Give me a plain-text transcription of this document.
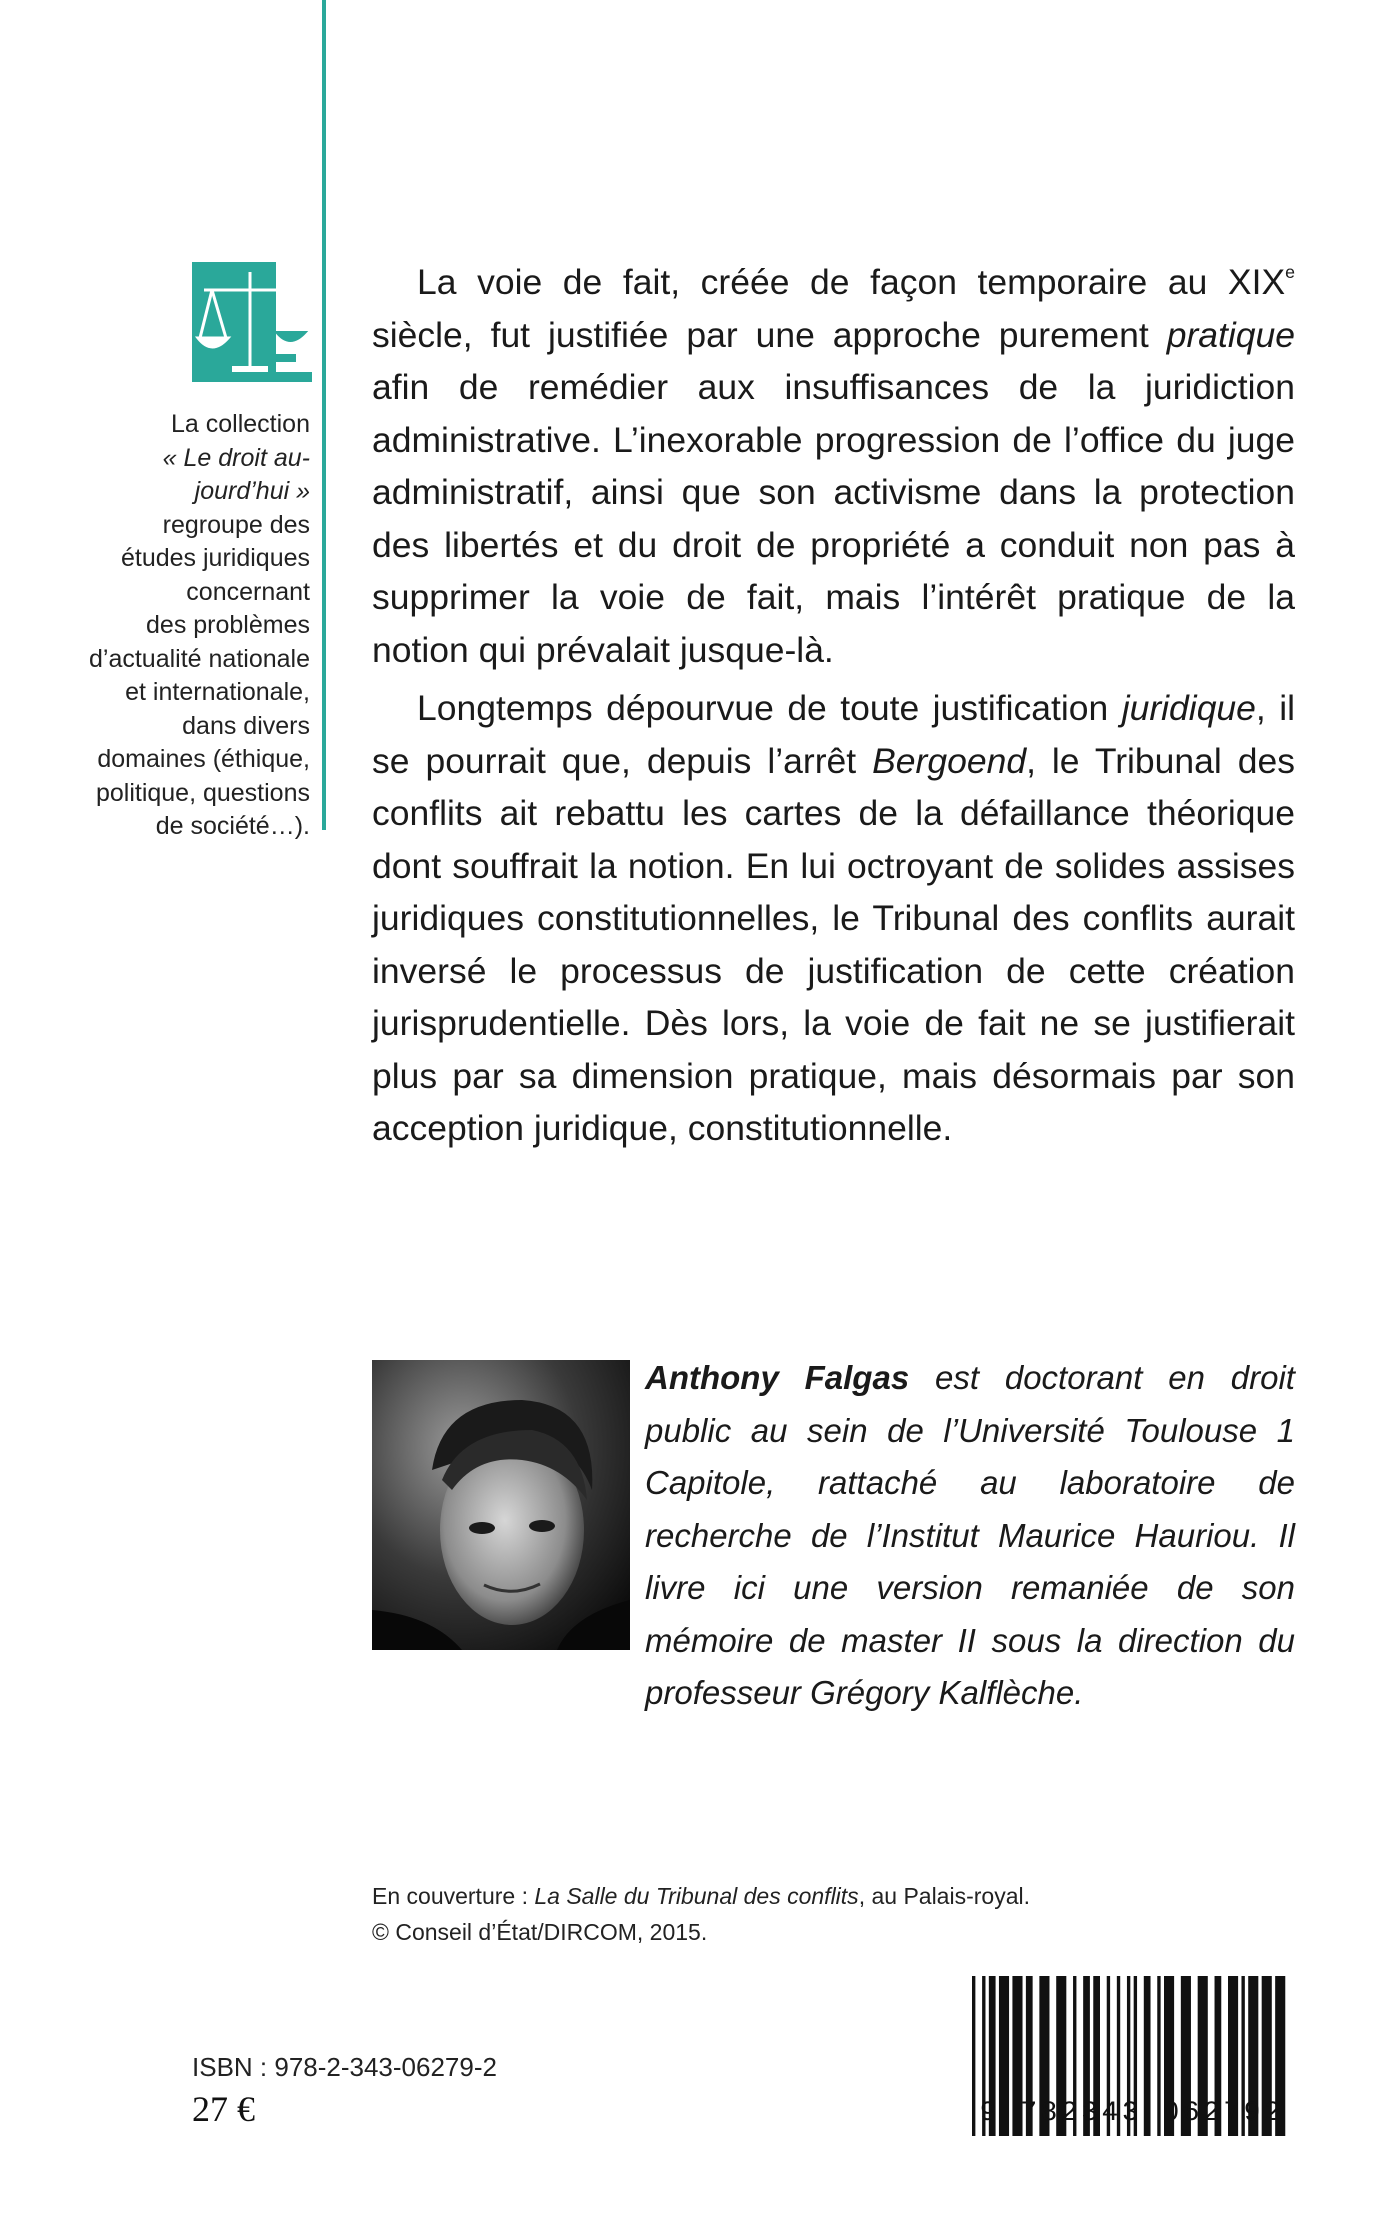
La collection

« Le droit au-

jourd’hui »

regroupe des

études juridiques

concernant

des problèmes

d’actualité nationale

et internationale,

dans divers

domaines (éthique,

politique, questions

de société…).

La voie de fait, créée de façon temporaire au XIXe siècle, fut justifiée par une approche purement pratique afin de remédier aux insuffisances de la juridiction administrative. L’inexorable progression de l’office du juge administratif, ainsi que son activisme dans la protection des libertés et du droit de propriété a conduit non pas à supprimer la voie de fait, mais l’intérêt pratique de la notion qui prévalait jusque-là.

Longtemps dépourvue de toute justification juridique, il se pourrait que, depuis l’arrêt Bergoend, le Tribunal des conflits ait rebattu les cartes de la défaillance théorique dont souffrait la notion. En lui octroyant de solides assises juridiques constitutionnelles, le Tribunal des conflits aurait inversé le processus de justification de cette création jurisprudentielle. Dès lors, la voie de fait ne se justifierait plus par sa dimension pratique, mais désormais par son acception juridique, constitutionnelle.

Anthony Falgas est doctorant en droit public au sein de l’Université Toulouse 1 Capitole, rattaché au laboratoire de recherche de l’Institut Maurice Hauriou. Il livre ici une version remaniée de son mémoire de master II sous la direction du professeur Grégory Kalflèche.

En couverture : La Salle du Tribunal des conflits, au Palais-royal.

© Conseil d’État/DIRCOM, 2015.

ISBN : 978-2-343-06279-2
27 €	9 782343 062792
